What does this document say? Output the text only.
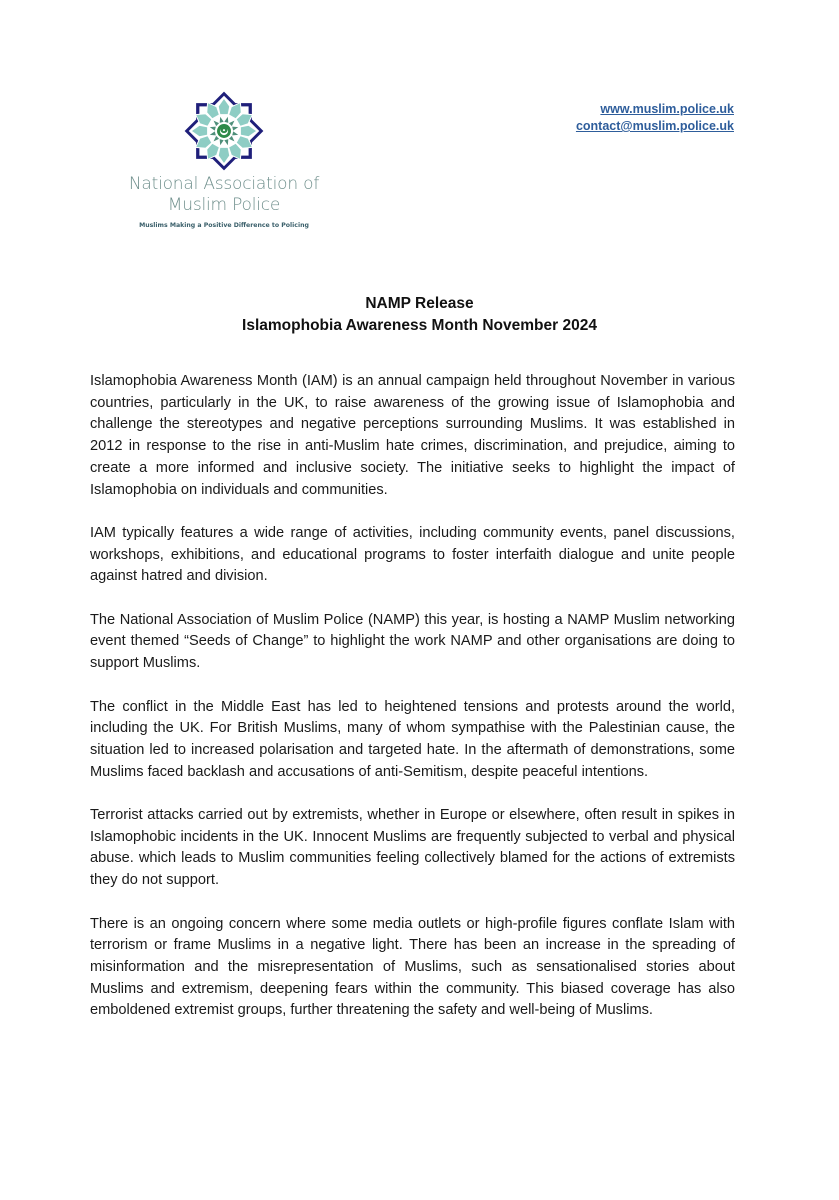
National Association of
Muslim Police
Muslims Making a Positive Difference to Policing
www.muslim.police.uk
contact@muslim.police.uk
NAMP Release
Islamophobia Awareness Month November 2024

Islamophobia Awareness Month (IAM) is an annual campaign held throughout November in various countries, particularly in the UK, to raise awareness of the growing issue of Islamophobia and challenge the stereotypes and negative perceptions surrounding Muslims. It was established in 2012 in response to the rise in anti-Muslim hate crimes, discrimination, and prejudice, aiming to create a more informed and inclusive society. The initiative seeks to highlight the impact of Islamophobia on individuals and communities.

IAM typically features a wide range of activities, including community events, panel discussions, workshops, exhibitions, and educational programs to foster interfaith dialogue and unite people against hatred and division.

The National Association of Muslim Police (NAMP) this year, is hosting a NAMP Muslim networking event themed “Seeds of Change” to highlight the work NAMP and other organisations are doing to support Muslims.

The conflict in the Middle East has led to heightened tensions and protests around the world, including the UK. For British Muslims, many of whom sympathise with the Palestinian cause, the situation led to increased polarisation and targeted hate. In the aftermath of demonstrations, some Muslims faced backlash and accusations of anti-Semitism, despite peaceful intentions.

Terrorist attacks carried out by extremists, whether in Europe or elsewhere, often result in spikes in Islamophobic incidents in the UK. Innocent Muslims are frequently subjected to verbal and physical abuse. which leads to Muslim communities feeling collectively blamed for the actions of extremists they do not support.

There is an ongoing concern where some media outlets or high-profile figures conflate Islam with terrorism or frame Muslims in a negative light. There has been an increase in the spreading of misinformation and the misrepresentation of Muslims, such as sensationalised stories about Muslims and extremism, deepening fears within the community. This biased coverage has also emboldened extremist groups, further threatening the safety and well-being of Muslims.
